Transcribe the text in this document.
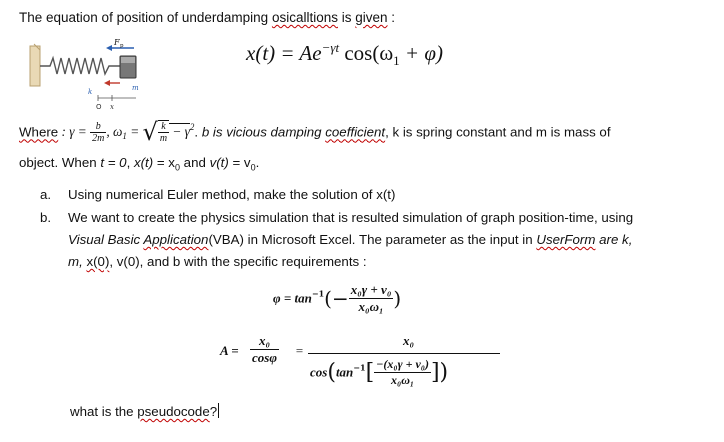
The equation of position of underdamping osicalltions is given :
F p
k	m
O x
$x(t) = Ae^{-\gamma t}$ $\cos(\omega_1 + \varphi)$
Where : $\gamma = \frac{b}{2m}$ , $\omega_1$ = √ $\frac{k}{m} - \gamma^2$. b is vicious damping coefficient, k is spring constant and m is mass of
object. When t = 0, $x(t) = x_0$ and $v(t) = v_0$.
a. Using numerical Euler method, make the solution of x(t)
b. We want to create the physics simulation that is resulted simulation of graph position-time, using
Visual Basic Application(VBA) in Microsoft Excel. The parameter as the input in UserForm are k,
m, x(0), v(0), and b with the specific requirements :
$\varphi = \tan^{-1}(- \frac{\text{x₀γ + v₀}}{\text{x₀ω₁}}$ )
$A = \frac{\text{x₀}}{\cos\varphi}$ =
x₀
$\cos(\tan^{-1}[ \frac{\text{−(x₀γ + v₀)}}{\text{x₀ω₁}}$ ])
what is the pseudocode?
